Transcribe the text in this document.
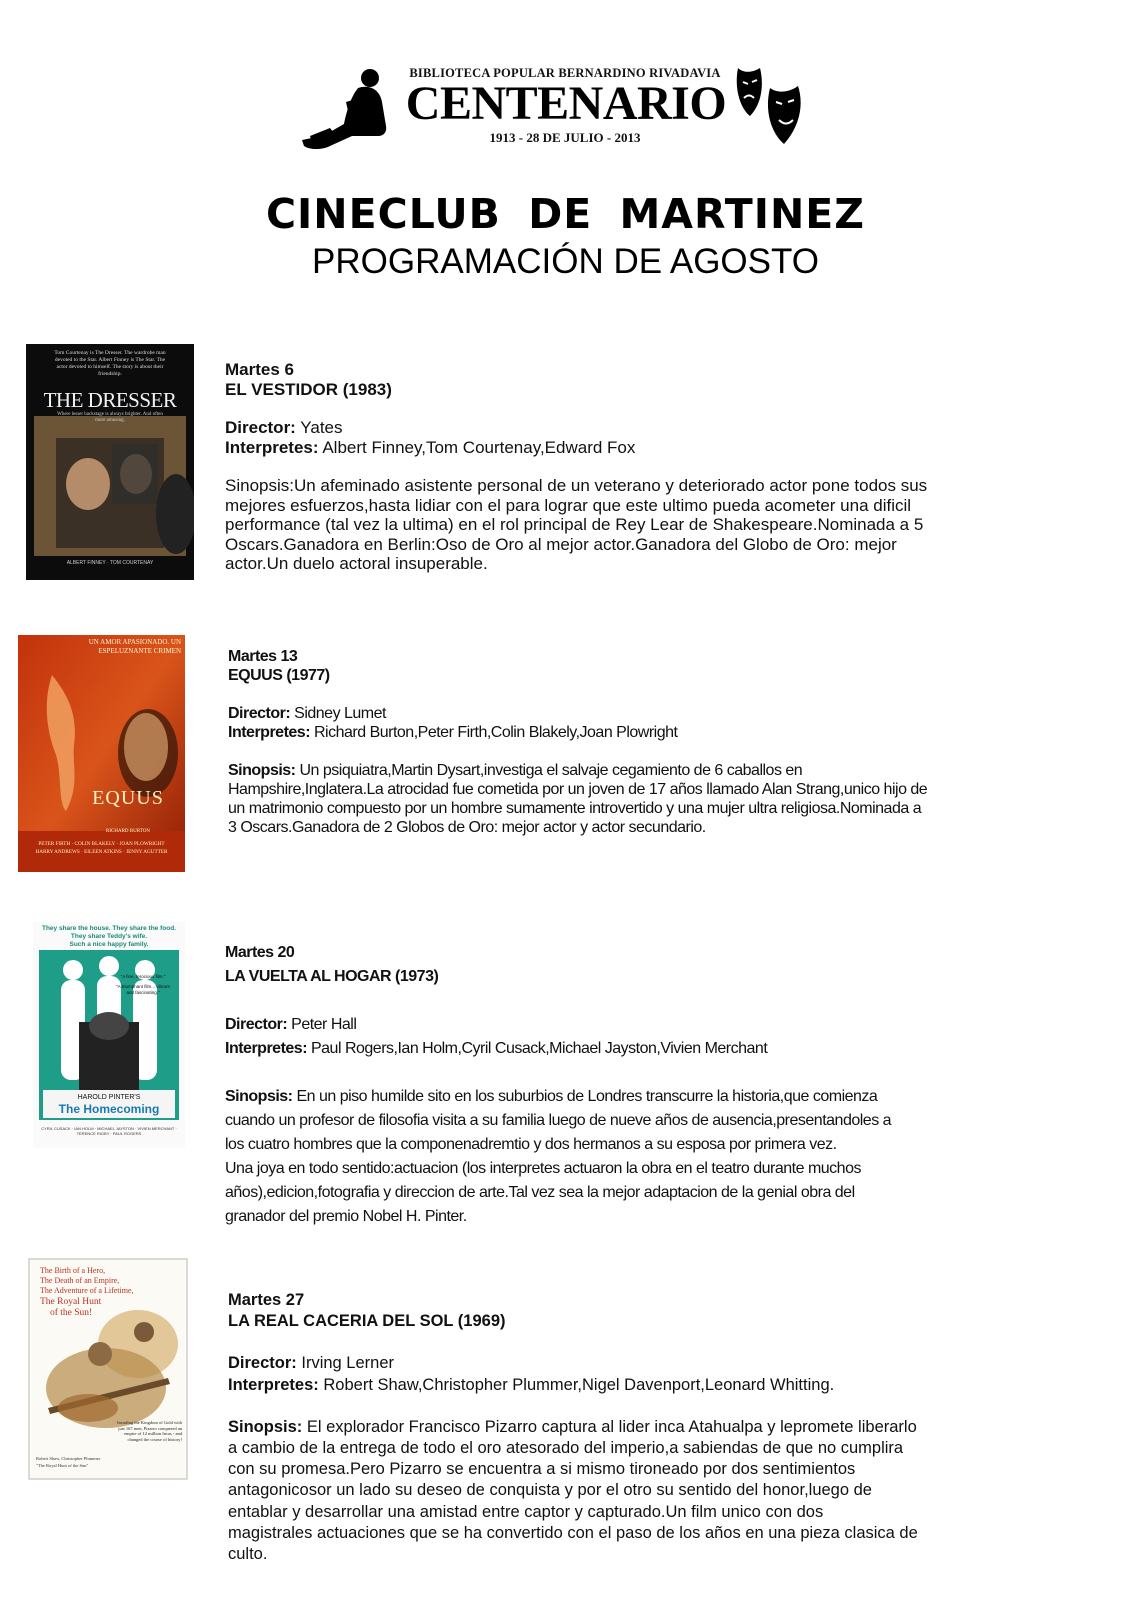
BIBLIOTECA POPULAR BERNARDINO RIVADAVIA
CENTENARIO
1913 - 28 DE JULIO - 2013
CINECLUB DE MARTINEZ
PROGRAMACIÓN DE AGOSTO
Tom Courtenay is The Dresser. The wardrobe man devoted to the Star. Albert Finney is The Star. The actor devoted to himself. The story is about their friendship.
THE DRESSER
Where lesser backstage is always brighter. And often more amusing.
ALBERT FINNEY · TOM COURTENAY
Martes 6
EL VESTIDOR (1983)

Director: Yates

Interpretes: Albert Finney,Tom Courtenay,Edward Fox

Sinopsis:Un afeminado asistente personal de un veterano y deteriorado actor pone todos sus mejores esfuerzos,hasta lidiar con el para lograr que este ultimo pueda acometer una dificil performance (tal vez la ultima) en el rol principal de Rey Lear de Shakespeare.Nominada a 5 Oscars.Ganadora en Berlin:Oso de Oro al mejor actor.Ganadora del Globo de Oro: mejor actor.Un duelo actoral insuperable.

UN AMOR APASIONADO. UN ESPELUZNANTE CRIMEN
EQUUS
RICHARD BURTON
PETER FIRTH · COLIN BLAKELY · JOAN PLOWRIGHT
HARRY ANDREWS · EILEEN ATKINS · JENNY AGUTTER
Martes 13
EQUUS (1977)

Director: Sidney Lumet

Interpretes: Richard Burton,Peter Firth,Colin Blakely,Joan Plowright

Sinopsis: Un psiquiatra,Martin Dysart,investiga el salvaje cegamiento de 6 caballos en Hampshire,Inglatera.La atrocidad fue cometida por un joven de 17 años llamado Alan Strang,unico hijo de un matrimonio compuesto por un hombre sumamente introvertido y una mujer ultra religiosa.Nominada a 3 Oscars.Ganadora de 2 Globos de Oro: mejor actor y actor secundario.

They share the house. They share the food.
They share Teddy's wife.
Such a nice happy family.
"A fine, ferocious film."
"A triumphant film... vibrant and fascinating."
HAROLD PINTER'S
The Homecoming
CYRIL CUSACK · IAN HOLM · MICHAEL JAYSTON · VIVIEN MERCHANT · TERENCE RIGBY · PAUL ROGERS
Martes 20
LA VUELTA AL HOGAR (1973)

Director: Peter Hall

Interpretes: Paul Rogers,Ian Holm,Cyril Cusack,Michael Jayston,Vivien Merchant

Sinopsis: En un piso humilde sito en los suburbios de Londres transcurre la historia,que comienza
cuando un profesor de filosofia visita a su familia luego de nueve años de ausencia,presentandoles a
los cuatro hombres que la componenadremtio y dos hermanos a su esposa por primera vez.
Una joya en todo sentido:actuacion (los interpretes actuaron la obra en el teatro durante muchos
años),edicion,fotografia y direccion de arte.Tal vez sea la mejor adaptacion de la genial obra del
granador del premio Nobel H. Pinter.

The Birth of a Hero,
The Death of an Empire,
The Adventure of a Lifetime,
The Royal Hunt
of the Sun!
Invading the Kingdom of Gold with just 167 men, Pizarro conquered an empire of 12 million Incas - and changed the course of history!
Robert Shaw, Christopher Plummer
"The Royal Hunt of the Sun"
Martes 27
LA REAL CACERIA DEL SOL (1969)

Director: Irving Lerner

Interpretes: Robert Shaw,Christopher Plummer,Nigel Davenport,Leonard Whitting.

Sinopsis: El explorador Francisco Pizarro captura al lider inca Atahualpa y lepromete liberarlo
a cambio de la entrega de todo el oro atesorado del imperio,a sabiendas de que no cumplira
con su promesa.Pero Pizarro se encuentra a si mismo tironeado por dos sentimientos
antagonicosor un lado su deseo de conquista y por el otro su sentido del honor,luego de
entablar y desarrollar una amistad entre captor y capturado.Un film unico con dos
magistrales actuaciones que se ha convertido con el paso de los años en una pieza clasica de
culto.
